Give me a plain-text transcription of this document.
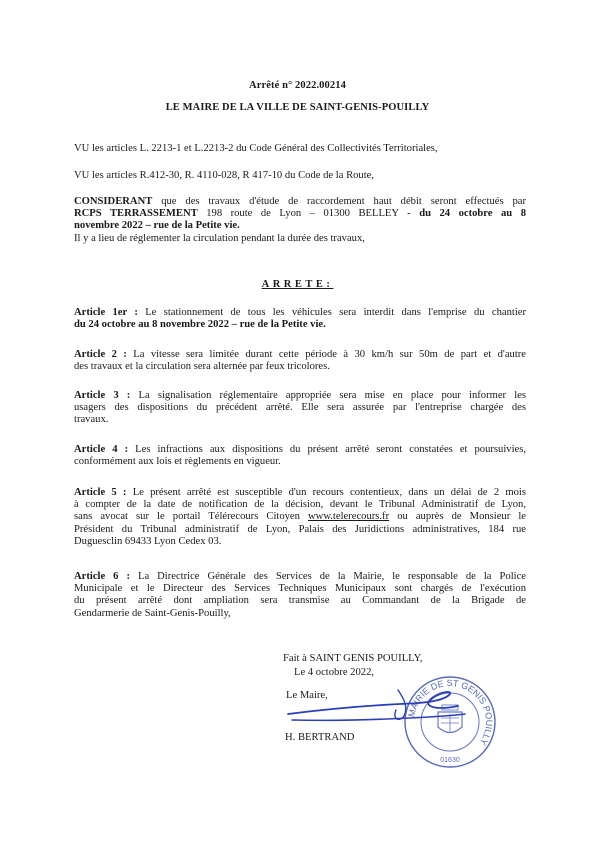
Arrêté n° 2022.00214
LE MAIRE DE LA VILLE DE SAINT-GENIS-POUILLY
VU les articles L. 2213-1 et L.2213-2 du Code Général des Collectivités Territoriales,
VU les articles R.412-30, R. 4110-028, R 417-10 du Code de la Route,
CONSIDERANT que des travaux d'étude de raccordement haut débit seront effectués par
RCPS TERRASSEMENT 198 route de Lyon – 01300 BELLEY - du 24 octobre au 8
novembre 2022 – rue de la Petite vie.
Il y a lieu de réglementer la circulation pendant la durée des travaux,
ARRETE:
Article 1er : Le stationnement de tous les véhicules sera interdit dans l'emprise du chantier
du 24 octobre au 8 novembre 2022 – rue de la Petite vie.
Article 2 : La vitesse sera limitée durant cette période à 30 km/h sur 50m de part et d'autre
des travaux et la circulation sera alternée par feux tricolores.
Article 3 : La signalisation réglementaire appropriée sera mise en place pour informer les
usagers des dispositions du précédent arrêté. Elle sera assurée par l'entreprise chargée des
travaux.
Article 4 : Les infractions aux dispositions du présent arrêté seront constatées et poursuivies,
conformément aux lois et règlements en vigueur.
Article 5 : Le présent arrêté est susceptible d'un recours contentieux, dans un délai de 2 mois
à compter de la date de notification de la décision, devant le Tribunal Administratif de Lyon,
sans avocat sur le portail Télérecours Citoyen www.telerecours.fr ou auprès de Monsieur le
Président du Tribunal administratif de Lyon, Palais des Juridictions administratives, 184 rue
Duguesclin 69433 Lyon Cedex 03.
Article 6 : La Directrice Générale des Services de la Mairie, le responsable de la Police
Municipale et le Directeur des Services Techniques Municipaux sont chargés de l'exécution
du présent arrêté dont ampliation sera transmise au Commandant de la Brigade de
Gendarmerie de Saint-Genis-Pouilly,
Fait à SAINT GENIS POUILLY,
Le 4 octobre 2022,
Le Maire,
H. BERTRAND
MAIRIE DE ST GENIS POUILLY
01630
